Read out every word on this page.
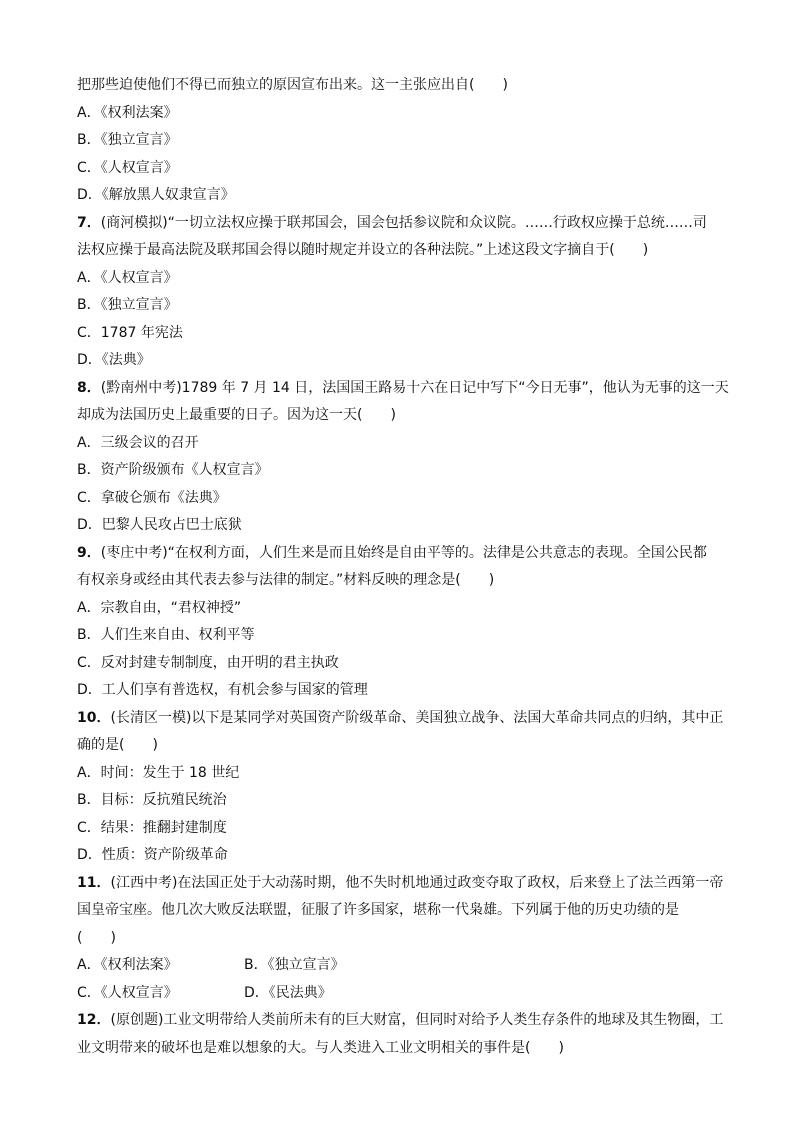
把那些迫使他们不得已而独立的原因宣布出来。这一主张应出自(　　)
A．《权利法案》
B．《独立宣言》
C．《人权宣言》
D．《解放黑人奴隶宣言》
7．(商河模拟)“一切立法权应操于联邦国会，国会包括参议院和众议院。……行政权应操于总统……司
法权应操于最高法院及联邦国会得以随时规定并设立的各种法院。”上述这段文字摘自于(　　)
A．《人权宣言》
B．《独立宣言》
C．1787 年宪法
D．《法典》
8．(黔南州中考)1789 年 7 月 14 日，法国国王路易十六在日记中写下“今日无事”，他认为无事的这一天
却成为法国历史上最重要的日子。因为这一天(　　)
A．三级会议的召开
B．资产阶级颁布《人权宣言》
C．拿破仑颁布《法典》
D．巴黎人民攻占巴士底狱
9．(枣庄中考)“在权利方面，人们生来是而且始终是自由平等的。法律是公共意志的表现。全国公民都
有权亲身或经由其代表去参与法律的制定。”材料反映的理念是(　　)
A．宗教自由，“君权神授”
B．人们生来自由、权利平等
C．反对封建专制制度，由开明的君主执政
D．工人们享有普选权，有机会参与国家的管理
10．(长清区一模)以下是某同学对英国资产阶级革命、美国独立战争、法国大革命共同点的归纳，其中正
确的是(　　)
A．时间：发生于 18 世纪
B．目标：反抗殖民统治
C．结果：推翻封建制度
D．性质：资产阶级革命
11．(江西中考)在法国正处于大动荡时期，他不失时机地通过政变夺取了政权，后来登上了法兰西第一帝
国皇帝宝座。他几次大败反法联盟，征服了许多国家，堪称一代枭雄。下列属于他的历史功绩的是
(　　)
A．《权利法案》	B．《独立宣言》
C．《人权宣言》	D．《民法典》
12．(原创题)工业文明带给人类前所未有的巨大财富，但同时对给予人类生存条件的地球及其生物圈，工
业文明带来的破坏也是难以想象的大。与人类进入工业文明相关的事件是(　　)
